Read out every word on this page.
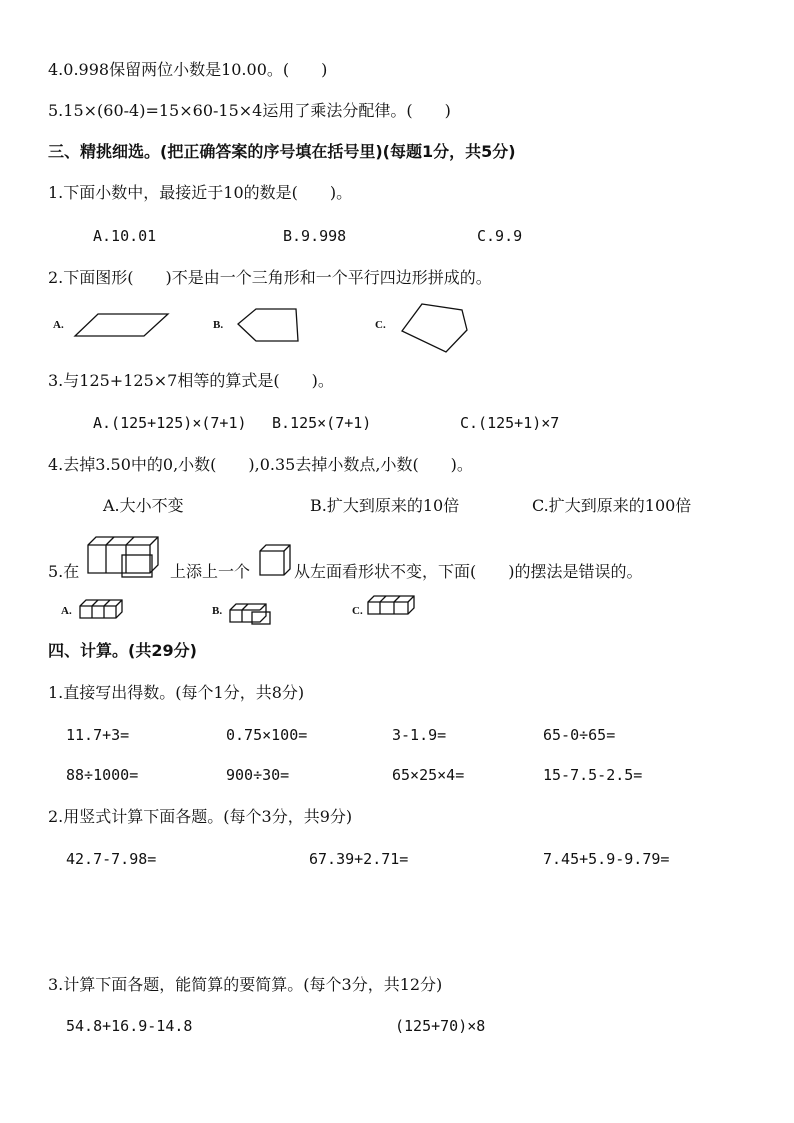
4.0.998保留两位小数是10.00。(　　)
5.15×(60-4)=15×60-15×4运用了乘法分配律。(　　)
三、精挑细选。(把正确答案的序号填在括号里)(每题1分，共5分)
1.下面小数中，最接近于10的数是(　　)。
A.10.01	B.9.998	C.9.9
2.下面图形(　　)不是由一个三角形和一个平行四边形拼成的。
A.	B.	C.
3.与125+125×7相等的算式是(　　)。
A.(125+125)×(7+1) B.125×(7+1)	C.(125+1)×7
4.去掉3.50中的0,小数(　　),0.35去掉小数点,小数(　　)。
A.大小不变	B.扩大到原来的10倍	C.扩大到原来的100倍
5.在	上添上一个	从左面看形状不变，下面(　　)的摆法是错误的。
A.	B.	C.
四、计算。(共29分)
1.直接写出得数。(每个1分，共8分)
11.7+3=	0.75×100=	3-1.9=	65-0÷65=
88÷1000=	900÷30=	65×25×4=	15-7.5-2.5=
2.用竖式计算下面各题。(每个3分，共9分)
42.7-7.98=	67.39+2.71=	7.45+5.9-9.79=
3.计算下面各题，能简算的要简算。(每个3分，共12分)
54.8+16.9-14.8	(125+70)×8
